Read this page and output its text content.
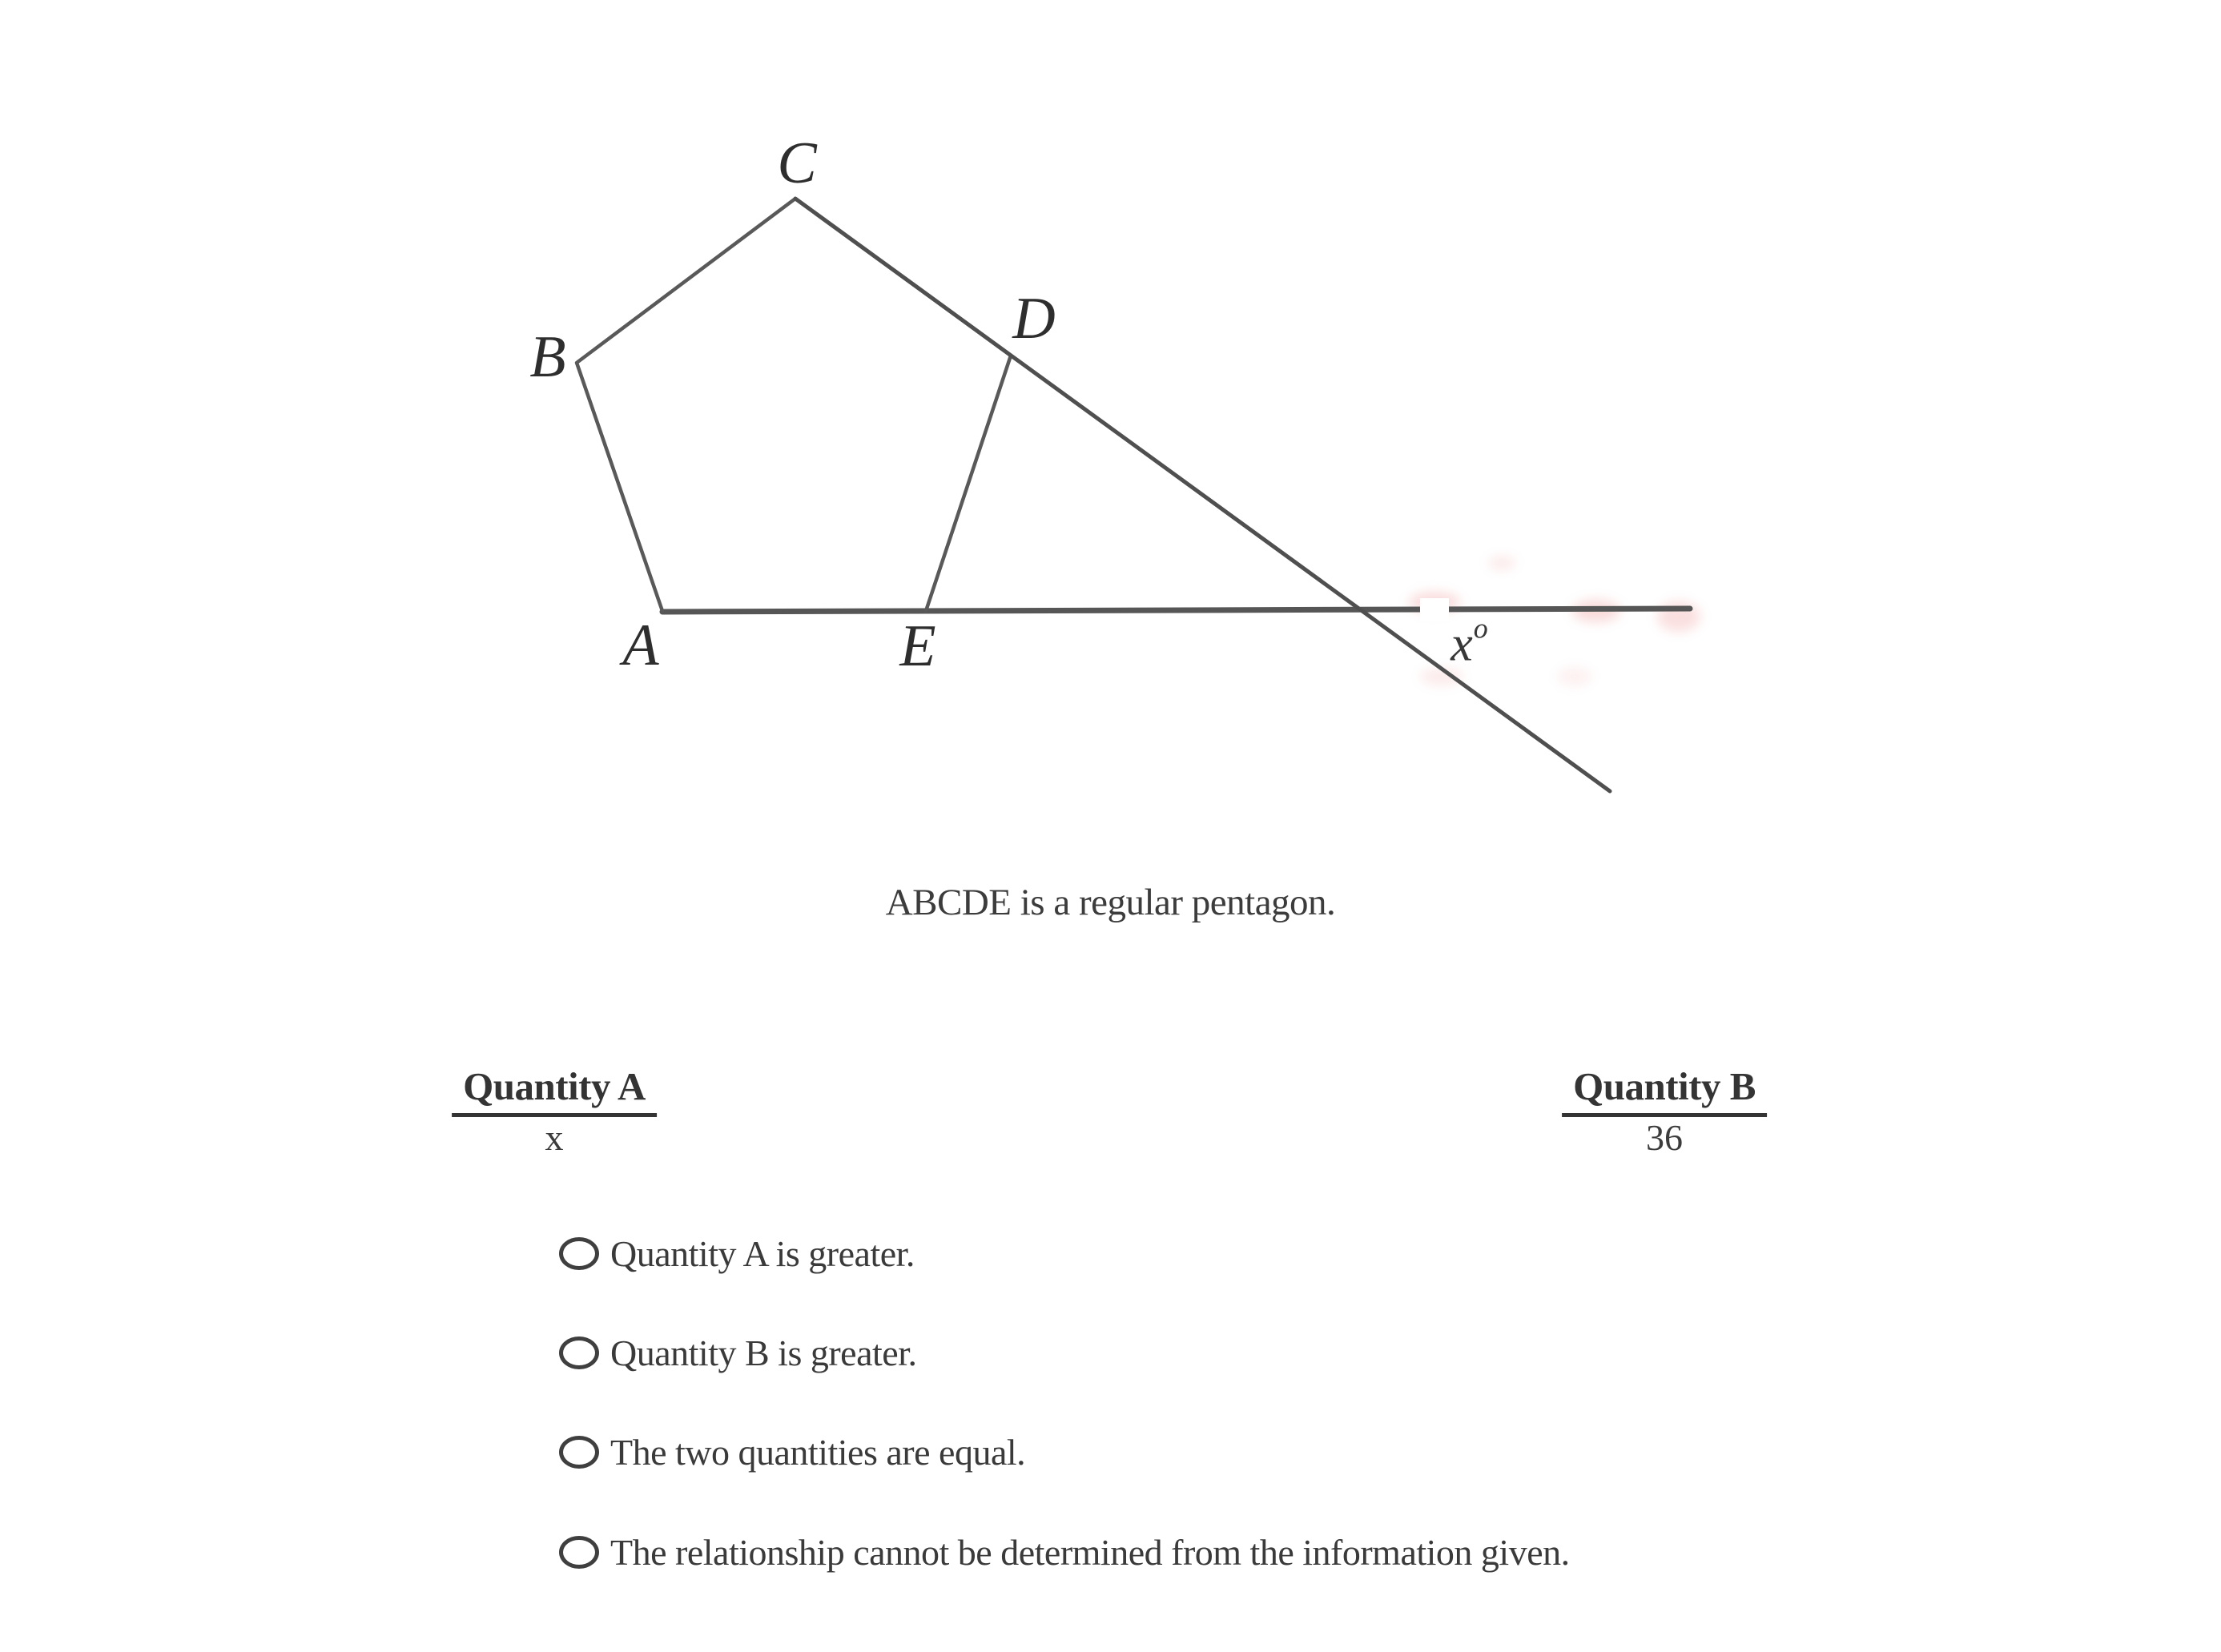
A
B
C
D
E	$x^o$
ABCDE is a regular pentagon.
Quantity A	Quantity B
x	36
Quantity A is greater.
Quantity B is greater.
The two quantities are equal.
The relationship cannot be determined from the information given.
